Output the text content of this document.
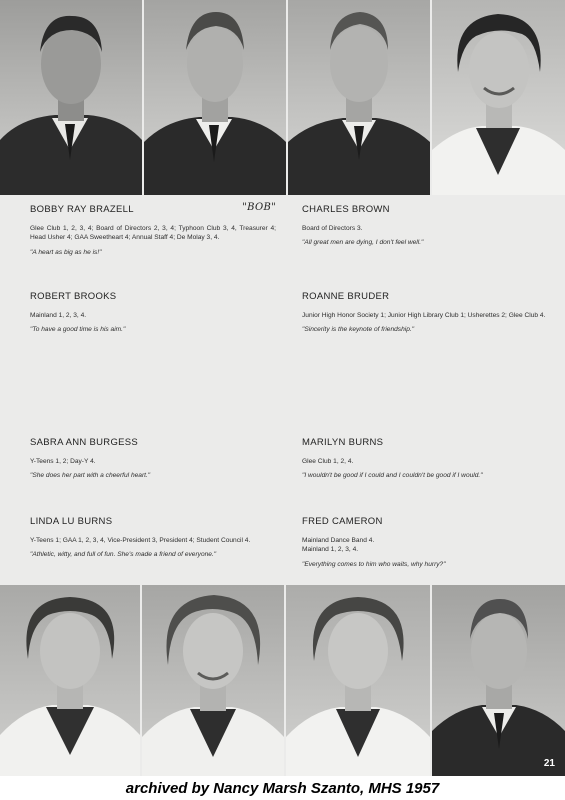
BOBBY RAY BRAZELL	"BOB"

Glee Club 1, 2, 3, 4; Board of Directors 2, 3, 4; Typhoon Club 3, 4, Treasurer 4; Head Usher 4; GAA Sweetheart 4; Annual Staff 4; De Molay 3, 4.

"A heart as big as he is!"

CHARLES BROWN

Board of Directors 3.

"All great men are dying, I don't feel well."

ROBERT BROOKS

Mainland 1, 2, 3, 4.

"To have a good time is his aim."

ROANNE BRUDER

Junior High Honor Society 1; Junior High Library Club 1; Usherettes 2; Glee Club 4.

"Sincerity is the keynote of friendship."

SABRA ANN BURGESS

Y-Teens 1, 2; Day-Y 4.

"She does her part with a cheerful heart."

MARILYN BURNS

Glee Club 1, 2, 4.

"I wouldn't be good if I could and I couldn't be good if I would."

LINDA LU BURNS

Y-Teens 1; GAA 1, 2, 3, 4, Vice-President 3, President 4; Student Council 4.

"Athletic, witty, and full of fun. She's made a friend of everyone."

FRED CAMERON

Mainland Dance Band 4.
Mainland 1, 2, 3, 4.

"Everything comes to him who waits, why hurry?"

21
archived by Nancy Marsh Szanto, MHS 1957
